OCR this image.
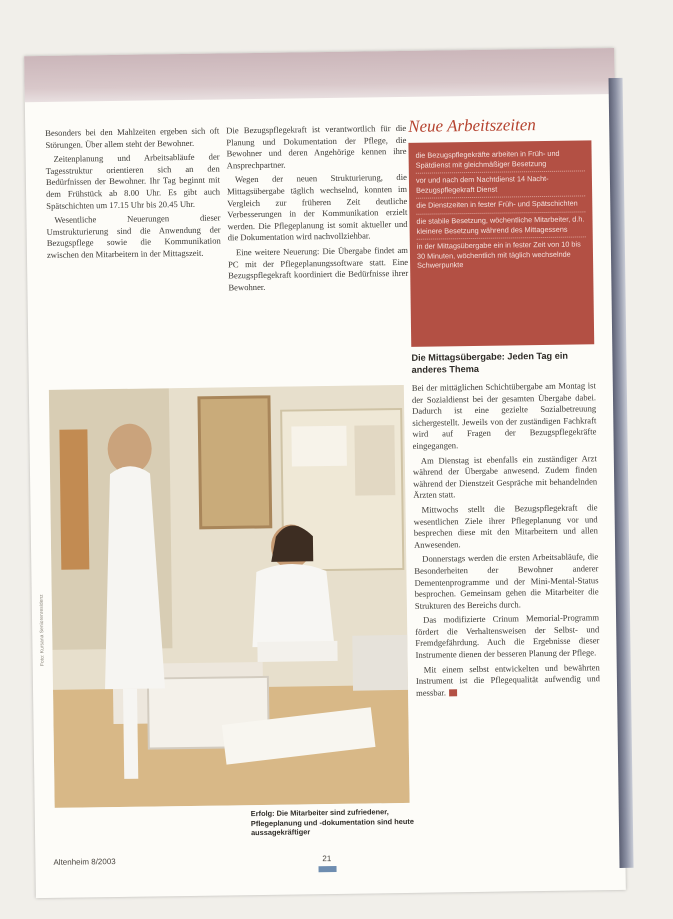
Besonders bei den Mahlzeiten ergeben sich oft Störungen. Über allem steht der Bewohner.

Zeitenplanung und Arbeitsabläufe der Tagesstruktur orientieren sich an den Bedürfnissen der Bewohner. Ihr Tag beginnt mit dem Frühstück ab 8.00 Uhr. Es gibt auch Spätschichten um 17.15 Uhr bis 20.45 Uhr.

Wesentliche Neuerungen dieser Umstrukturierung sind die Anwendung der Bezugspflege sowie die Kommunikation zwischen den Mitarbeitern in der Mittagszeit.

Die Bezugspflegekraft ist verantwortlich für die Planung und Dokumentation der Pflege, die Bewohner und deren Angehörige kennen ihre Ansprechpartner.

Wegen der neuen Strukturierung, die Mittagsübergabe täglich wechselnd, konnten im Vergleich zur früheren Zeit deutliche Verbesserungen in der Kommunikation erzielt werden. Die Pflegeplanung ist somit aktueller und die Dokumentation wird nachvollziehbar.

Eine weitere Neuerung: Die Übergabe findet am PC mit der Pflegeplanungssoftware statt. Eine Bezugspflegekraft koordiniert die Bedürfnisse ihrer Bewohner.

Foto: Kursana Seniorenresidenz
Erfolg: Die Mitarbeiter sind zufriedener, Pflegeplanung und -dokumentation sind heute aussagekräftiger
Neue Arbeitszeiten
die Bezugspflegekräfte arbeiten in Früh- und Spätdienst mit gleichmäßiger Besetzung
vor und nach dem Nachtdienst 14 Nacht-Bezugspflegekraft Dienst
die Dienstzeiten in fester Früh- und Spätschichten
die stabile Besetzung, wöchentliche Mitarbeiter, d.h. kleinere Besetzung während des Mittagessens
in der Mittagsübergabe ein in fester Zeit von 10 bis 30 Minuten, wöchentlich mit täglich wechselnde Schwerpunkte
Die Mittagsübergabe: Jeden Tag ein anderes Thema

Bei der mittäglichen Schichtübergabe am Montag ist der Sozialdienst bei der gesamten Übergabe dabei. Dadurch ist eine gezielte Sozialbetreuung sichergestellt. Jeweils von der zuständigen Fachkraft wird auf Fragen der Bezugspflegekräfte eingegangen.

Am Dienstag ist ebenfalls ein zuständiger Arzt während der Übergabe anwesend. Zudem finden während der Dienstzeit Gespräche mit behandelnden Ärzten statt.

Mittwochs stellt die Bezugspflegekraft die wesentlichen Ziele ihrer Pflegeplanung vor und besprechen diese mit den Mitarbeitern und allen Anwesenden.

Donnerstags werden die ersten Arbeitsabläufe, die Besonderheiten der Bewohner anderer Dementenprogramme und der Mini-Mental-Status besprochen. Gemeinsam gehen die Mitarbeiter die Strukturen des Bereichs durch.

Das modifizierte Crinum Memorial-Programm fördert die Verhaltensweisen der Selbst- und Fremdgefährdung. Auch die Ergebnisse dieser Instrumente dienen der besseren Planung der Pflege.

Mit einem selbst entwickelten und bewährten Instrument ist die Pflegequalität aufwendig und messbar.

Altenheim 8/2003	21
